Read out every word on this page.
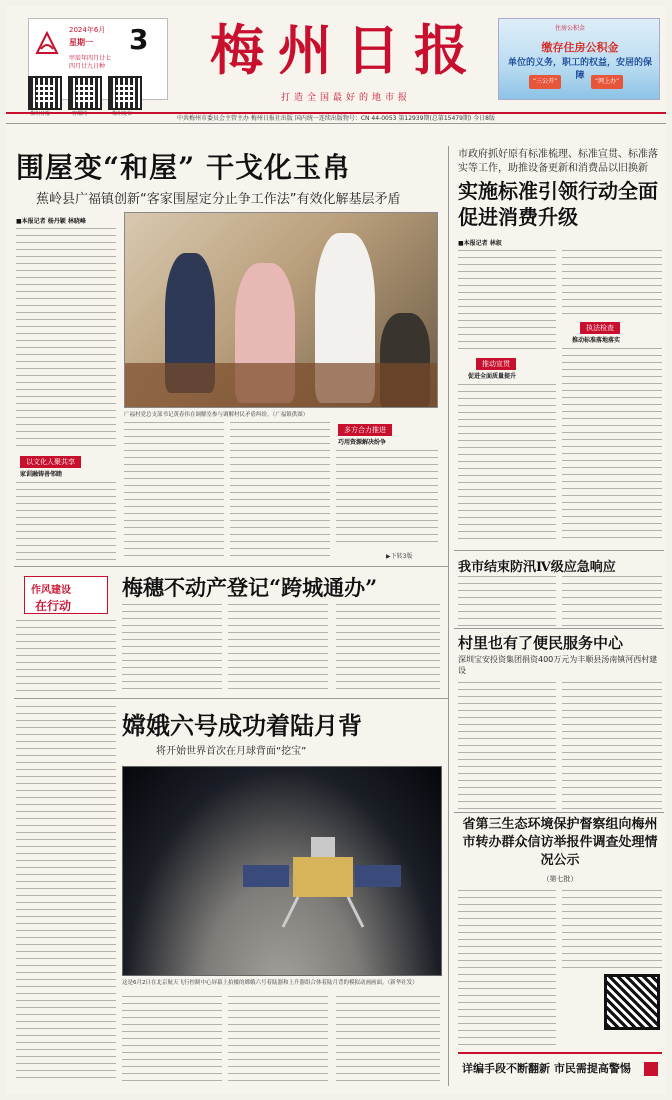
2024年6月
星期一 3
甲辰年四月廿七
四月廿九日种
梅州日报	客都网	梅州发布
梅州日报
打造全国最好的地市报
住房公积金
缴存住房公积金
单位的义务，职工的权益，安居的保障
“三公开”	“网上办”
中共梅州市委员会主管主办 梅州日报社出版 国内统一连续出版物号：CN 44-0053 第12939期(总第15479期) 今日8版
围屋变“和屋” 干戈化玉帛
蕉岭县广福镇创新“客家围屋定分止争工作法”有效化解基层矛盾
■本报记者 杨丹颖 林晓峰
以文化人聚共享
家训融铸善邻睦
广福村党总支部书记黄春伟在调解室参与调解村民矛盾纠纷。（广福镇供图）
多方合力推进
巧用资源解决纷争
▶下转3版
市政府抓好原有标准梳理、标准宣贯、标准落实等工作，助推设备更新和消费品以旧换新
实施标准引领行动全面促进消费升级
■本报记者 林叙
推动宣贯
促进全面质量提升
执法检查
推动标准落地落实
我市结束防汛Ⅳ级应急响应
村里也有了便民服务中心
深圳宝安投资集团捐资400万元为丰顺县汤南镇河西村建设
作风建设
在行动
梅穗不动产登记“跨城通办”
嫦娥六号成功着陆月背
将开始世界首次在月球背面“挖宝”
这是6月2日在北京航天飞行控制中心屏幕上拍摄的嫦娥六号着陆器和上升器组合体着陆月背的模拟动画画面。（新华社发）
省第三生态环境保护督察组向梅州市转办群众信访举报件调查处理情况公示
（第七批）
详编手段不断翻新 市民需提高警惕
